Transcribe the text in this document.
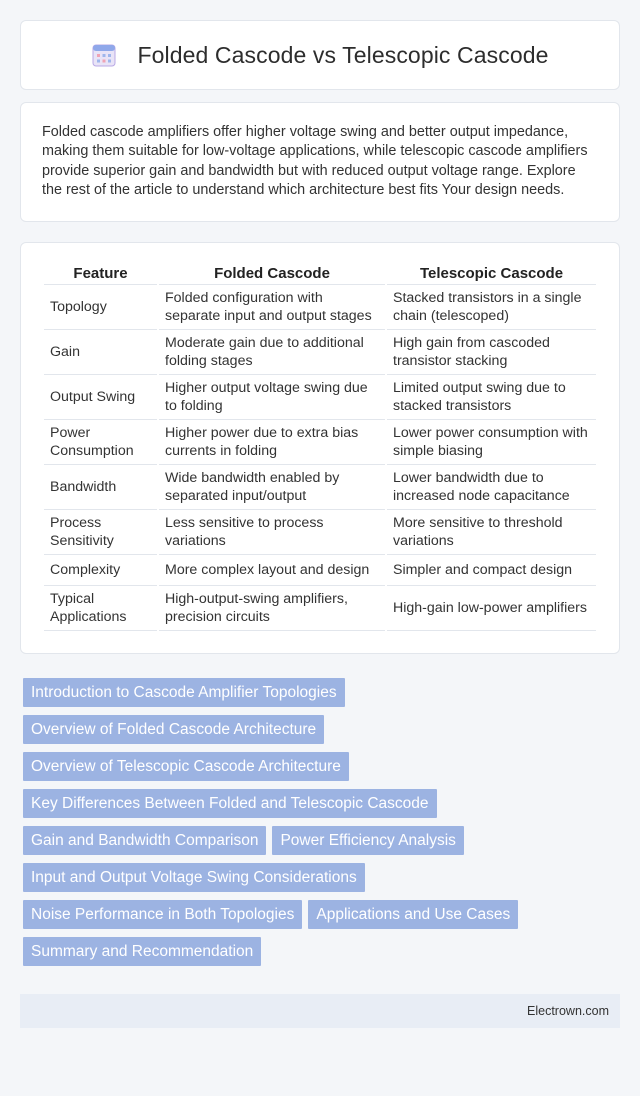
Folded Cascode vs Telescopic Cascode

Folded cascode amplifiers offer higher voltage swing and better output impedance, making them suitable for low-voltage applications, while telescopic cascode amplifiers provide superior gain and bandwidth but with reduced output voltage range. Explore the rest of the article to understand which architecture best fits Your design needs.

Feature	Folded Cascode	Telescopic Cascode
Topology	Folded configuration with separate input and output stages	Stacked transistors in a single chain (telescoped)
Gain	Moderate gain due to additional folding stages	High gain from cascoded transistor stacking
Output Swing	Higher output voltage swing due to folding	Limited output swing due to stacked transistors
Power Consumption	Higher power due to extra bias currents in folding	Lower power consumption with simple biasing
Bandwidth	Wide bandwidth enabled by separated input/output	Lower bandwidth due to increased node capacitance
Process Sensitivity	Less sensitive to process variations	More sensitive to threshold variations
Complexity	More complex layout and design	Simpler and compact design
Typical Applications	High-output-swing amplifiers, precision circuits	High-gain low-power amplifiers
Introduction to Cascode Amplifier Topologies
Overview of Folded Cascode Architecture
Overview of Telescopic Cascode Architecture
Key Differences Between Folded and Telescopic Cascode
Gain and Bandwidth Comparison	Power Efficiency Analysis
Input and Output Voltage Swing Considerations
Noise Performance in Both Topologies	Applications and Use Cases
Summary and Recommendation
Electrown.com
